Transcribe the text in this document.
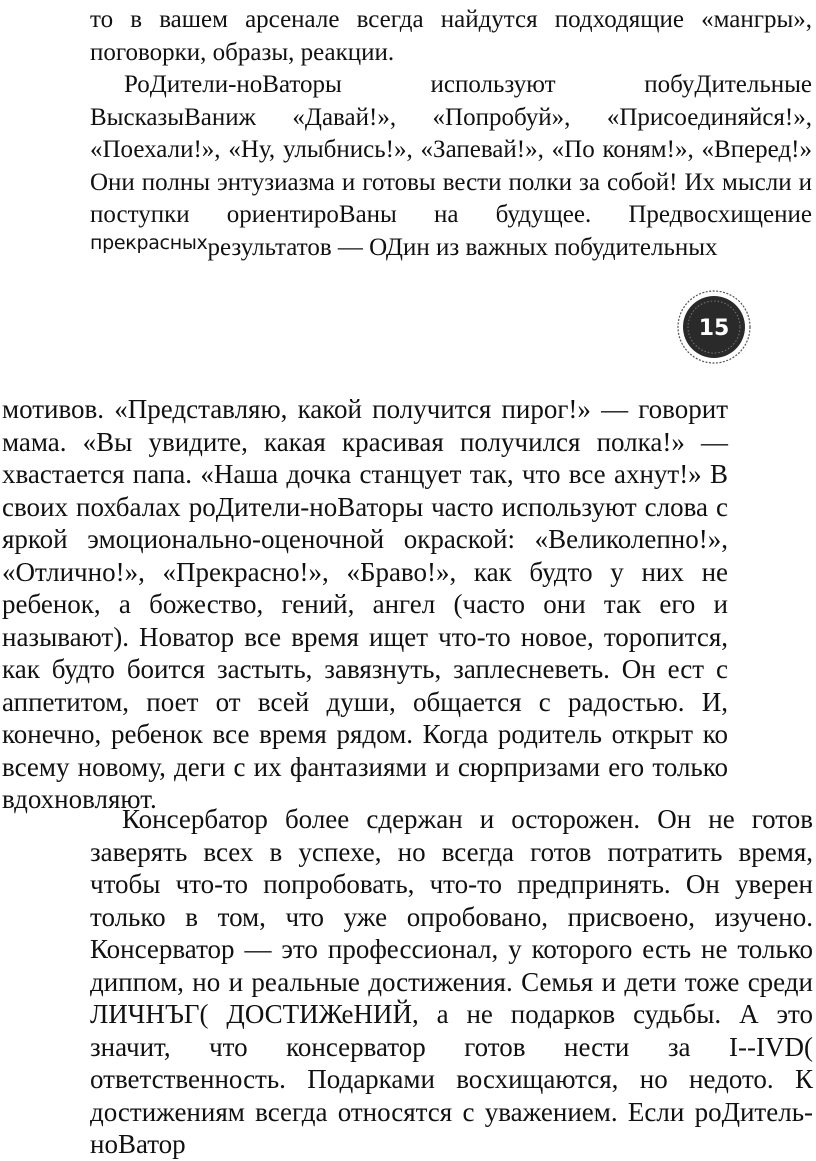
то в вашем арсенале всегда найдутся подходящие «мангры», поговорки, образы, реакции.

РоДители-ноВаторы используют побуДительные ВысказыВаниж «Давай!», «Попробуй», «Присоединяйся!», «Поехали!», «Ну, улыбнись!», «Запевай!», «По коням!», «Вперед!» Они полны энтузиазма и готовы вести полки за собой! Их мысли и поступки ориентироВаны на будущее. Предвосхищение $^{прекрасных}$результатов — ОДин из важных побудительных

15

мотивов. «Представляю, какой получится пирог!» — говорит мама. «Вы увидите, какая красивая получился полка!» — хвастается папа. «Наша дочка станцует так, что все ахнут!» В своих похбалах роДители-ноВаторы часто используют слова с яркой эмоционально-оценочной окраской: «Великолепно!», «Отлично!», «Прекрасно!», «Браво!», как будто у них не ребенок, а божество, гений, ангел (часто они так его и называют). Новатор все время ищет что-то новое, торопится, как будто боится застыть, завязнуть, заплесневеть. Он ест с аппетитом, поет от всей души, общается с радостью. И, конечно, ребенок все время рядом. Когда родитель открыт ко всему новому, деги с их фантазиями и сюрпризами его только вдохновляют.

Консербатор более сдержан и осторожен. Он не готов заверять всех в успехе, но всегда готов потратить время, чтобы что-то попробовать, что-то предпринять. Он уверен только в том, что уже опробовано, присвоено, изучено. Консерватор — это профессионал, у которого есть не только диппом, но и реальные достижения. Семья и дети тоже среди ЛИЧНЪГ( ДОСТИЖеНИЙ, а не подарков судьбы. А это значит, что консерватор готов нести за I--IVD( ответственность. Подарками восхищаются, но недото. К достижениям всегда относятся с уважением. Если роДитель-ноВатор
